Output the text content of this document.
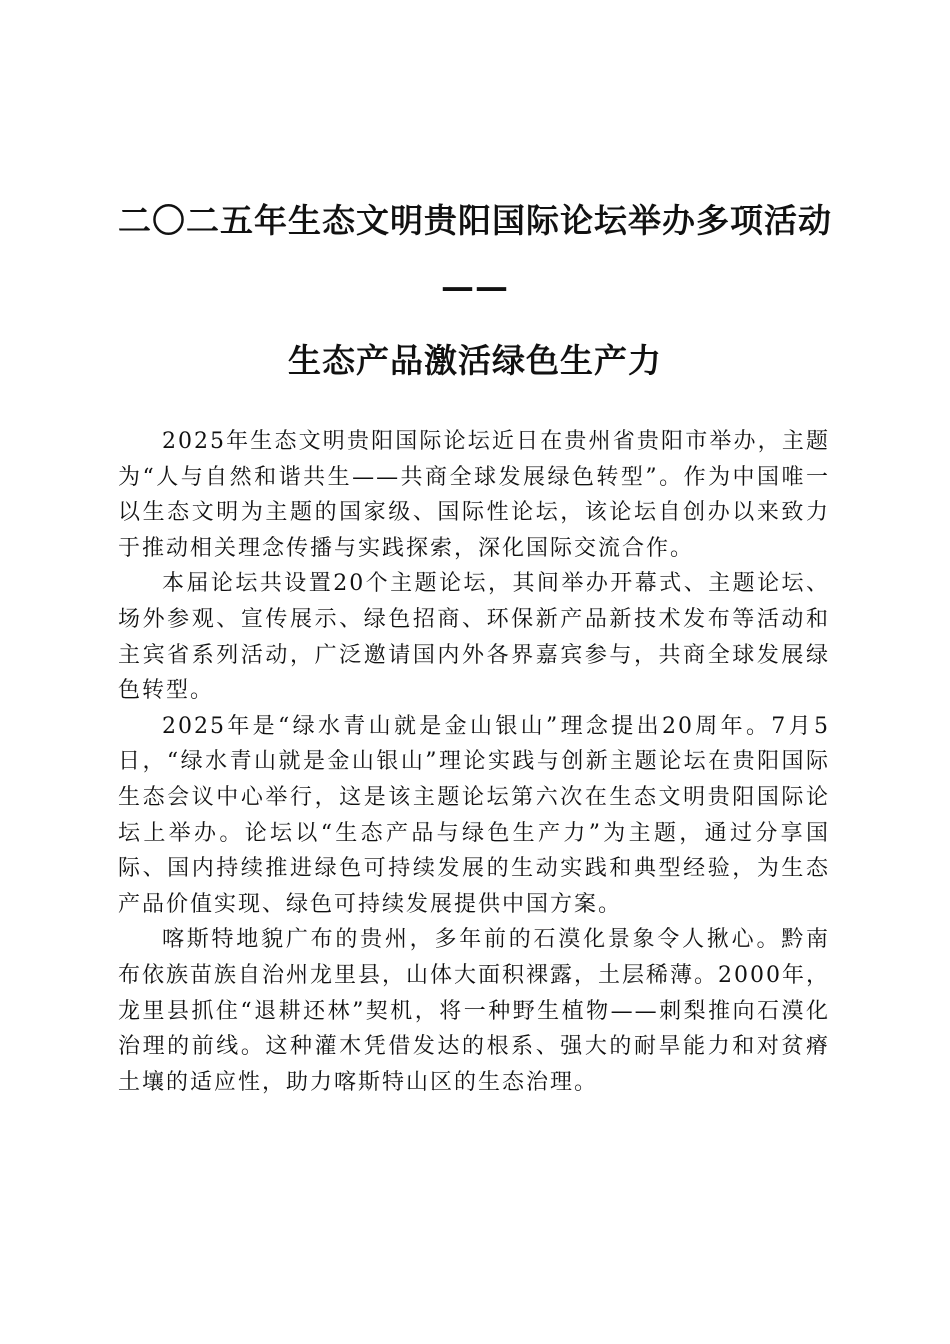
二〇二五年生态文明贵阳国际论坛举办多项活动——
生态产品激活绿色生产力

2025年生态文明贵阳国际论坛近日在贵州省贵阳市举办，主题为“人与自然和谐共生——共商全球发展绿色转型”。作为中国唯一以生态文明为主题的国家级、国际性论坛，该论坛自创办以来致力于推动相关理念传播与实践探索，深化国际交流合作。

本届论坛共设置20个主题论坛，其间举办开幕式、主题论坛、场外参观、宣传展示、绿色招商、环保新产品新技术发布等活动和主宾省系列活动，广泛邀请国内外各界嘉宾参与，共商全球发展绿色转型。

2025年是“绿水青山就是金山银山”理念提出20周年。7月5日，“绿水青山就是金山银山”理论实践与创新主题论坛在贵阳国际生态会议中心举行，这是该主题论坛第六次在生态文明贵阳国际论坛上举办。论坛以“生态产品与绿色生产力”为主题，通过分享国际、国内持续推进绿色可持续发展的生动实践和典型经验，为生态产品价值实现、绿色可持续发展提供中国方案。

喀斯特地貌广布的贵州，多年前的石漠化景象令人揪心。黔南布依族苗族自治州龙里县，山体大面积裸露，土层稀薄。2000年，龙里县抓住“退耕还林”契机，将一种野生植物——刺梨推向石漠化治理的前线。这种灌木凭借发达的根系、强大的耐旱能力和对贫瘠土壤的适应性，助力喀斯特山区的生态治理。
